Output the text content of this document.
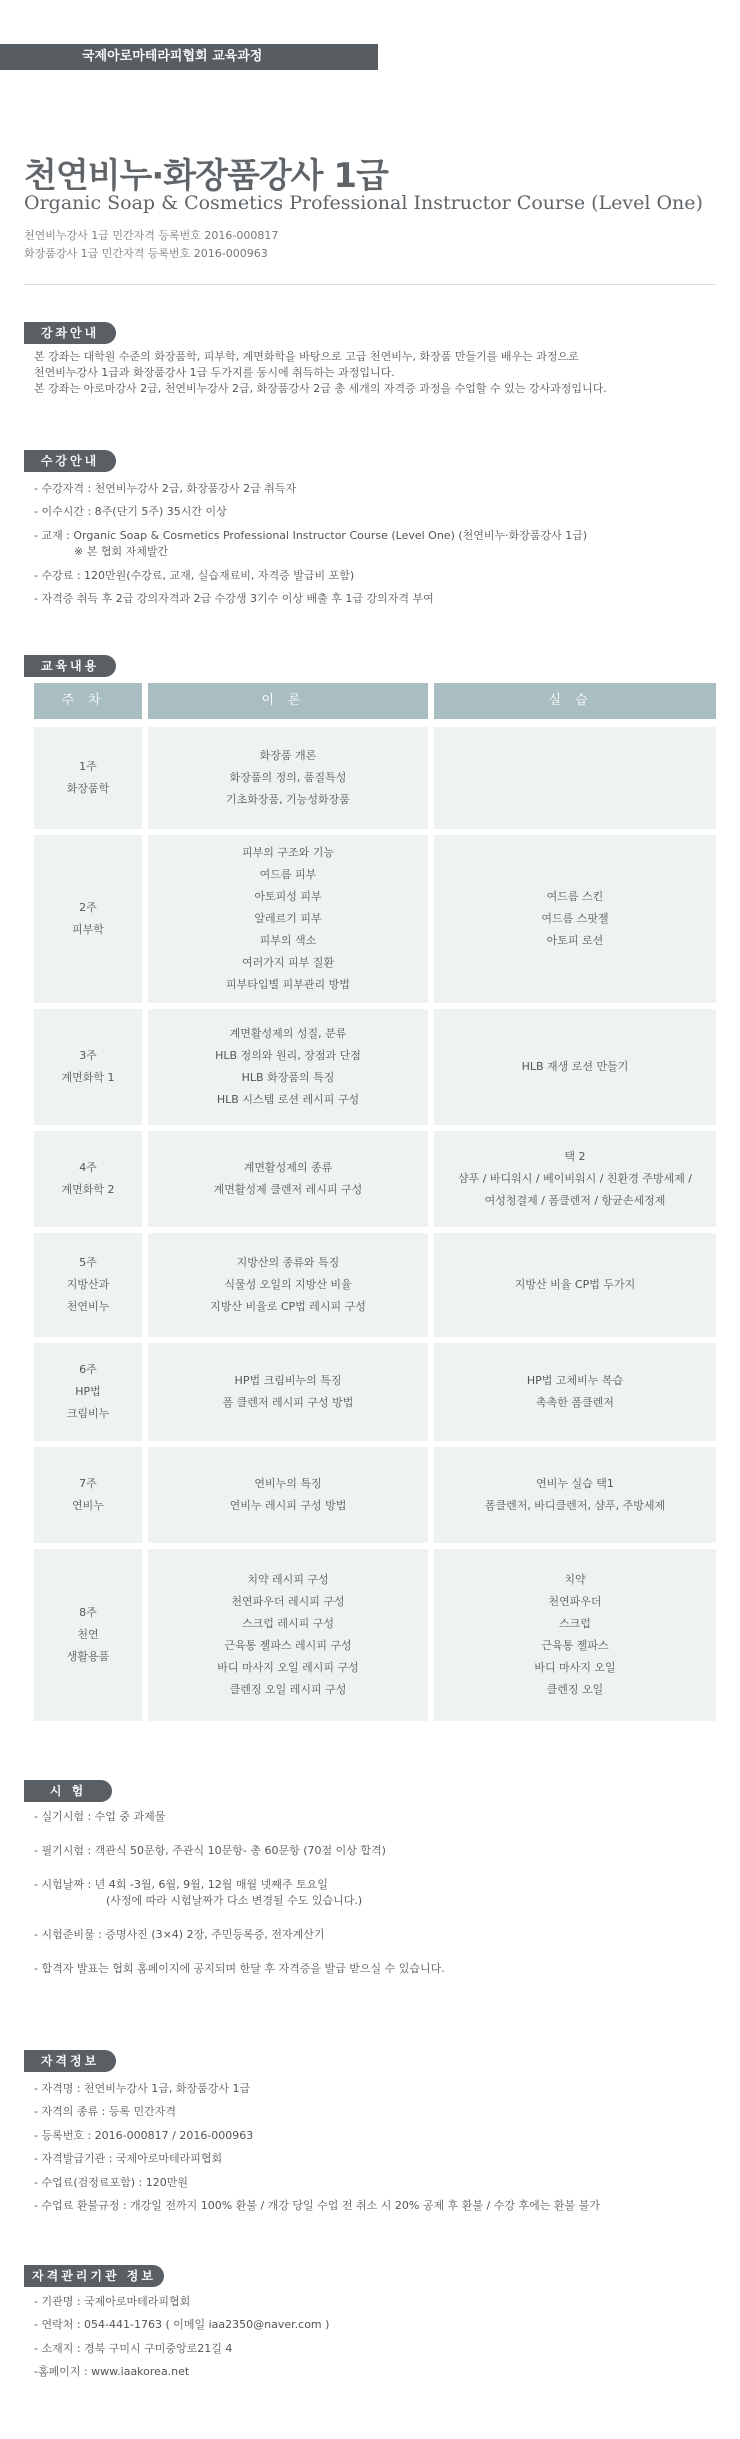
국제아로마테라피협회 교육과정
천연비누·화장품강사 1급

Organic Soap & Cosmetics Professional Instructor Course (Level One)

천연비누강사 1급 민간자격 등록번호 2016-000817
화장품강사 1급 민간자격 등록번호 2016-000963
강좌안내
본 강좌는 대학원 수준의 화장품학, 피부학, 계면화학을 바탕으로 고급 천연비누, 화장품 만들기를 배우는 과정으로
천연비누강사 1급과 화장품강사 1급 두가지를 동시에 취득하는 과정입니다.
본 강좌는 아로마강사 2급, 천연비누강사 2급, 화장품강사 2급 총 세개의 자격증 과정을 수업할 수 있는 강사과정입니다.
수강안내
- 수강자격 : 천연비누강사 2급, 화장품강사 2급 취득자
- 이수시간 : 8주(단기 5주) 35시간 이상
- 교재 : Organic Soap & Cosmetics Professional Instructor Course (Level One) (천연비누·화장품강사 1급)
※ 본 협회 자체발간
- 수강료 : 120만원(수강료, 교재, 실습재료비, 자격증 발급비 포함)
- 자격증 취득 후 2급 강의자격과 2급 수강생 3기수 이상 배출 후 1급 강의자격 부여
교육내용
주차	이론	실습
1주
화장품학
화장품 개론
화장품의 정의, 품질특성
기초화장품, 기능성화장품
2주
피부학
피부의 구조와 기능
여드름 피부
아토피성 피부
알레르기 피부
피부의 색소
여러가지 피부 질환
피부타입별 피부관리 방법
여드름 스킨
여드름 스팟젤
아토피 로션
3주
계면화학 1
계면활성제의 성질, 분류
HLB 정의와 원리, 장점과 단점
HLB 화장품의 특징
HLB 시스템 로션 레시피 구성
HLB 재생 로션 만들기
4주
계면화학 2
계면활성제의 종류
계면활성제 클렌저 레시피 구성
택 2
샴푸 / 바디워시 / 베이비워시 / 친환경 주방세제 /
여성청결제 / 폼클렌저 / 항균손세정제
5주
지방산과
천연비누
지방산의 종류와 특징
식물성 오일의 지방산 비율
지방산 비율로 CP법 레시피 구성
지방산 비율 CP법 두가지
6주
HP법
크림비누
HP법 크림비누의 특징
폼 클렌저 레시피 구성 방법
HP법 고체비누 복습
촉촉한 폼클렌저
7주
연비누
연비누의 특징
연비누 레시피 구성 방법
연비누 실습 택1
폼클렌저, 바디클렌저, 샴푸, 주방세제
8주
천연
생활용품
치약 레시피 구성
천연파우더 레시피 구성
스크럽 레시피 구성
근육통 젤파스 레시피 구성
바디 마사지 오일 레시피 구성
클렌징 오일 레시피 구성
치약
천연파우더
스크럽
근육통 젤파스
바디 마사지 오일
클렌징 오일
시 험
- 실기시험 : 수업 중 과제물
- 필기시험 : 객관식 50문항, 주관식 10문항- 총 60문항 (70점 이상 합격)
- 시험날짜 : 년 4회 -3월, 6월, 9월, 12월 매월 넷째주 토요일
(사정에 따라 시험날짜가 다소 변경될 수도 있습니다.)
- 시험준비물 : 증명사진 (3×4) 2장, 주민등록증, 전자계산기
- 합격자 발표는 협회 홈페이지에 공지되며 한달 후 자격증을 발급 받으실 수 있습니다.
자격정보
- 자격명 : 천연비누강사 1급, 화장품강사 1급
- 자격의 종류 : 등록 민간자격
- 등록번호 : 2016-000817 / 2016-000963
- 자격발급기관 : 국제아로마테라피협회
- 수업료(검정료포함) : 120만원
- 수업료 환불규정 : 개강일 전까지 100% 환불 / 개강 당일 수업 전 취소 시 20% 공제 후 환불 / 수강 후에는 환불 불가
자격관리기관 정보
- 기관명 : 국제아로마테라피협회
- 연락처 : 054-441-1763 ( 이메일 iaa2350@naver.com )
- 소재지 : 경북 구미시 구미중앙로21길 4
-홈페이지 : www.iaakorea.net
